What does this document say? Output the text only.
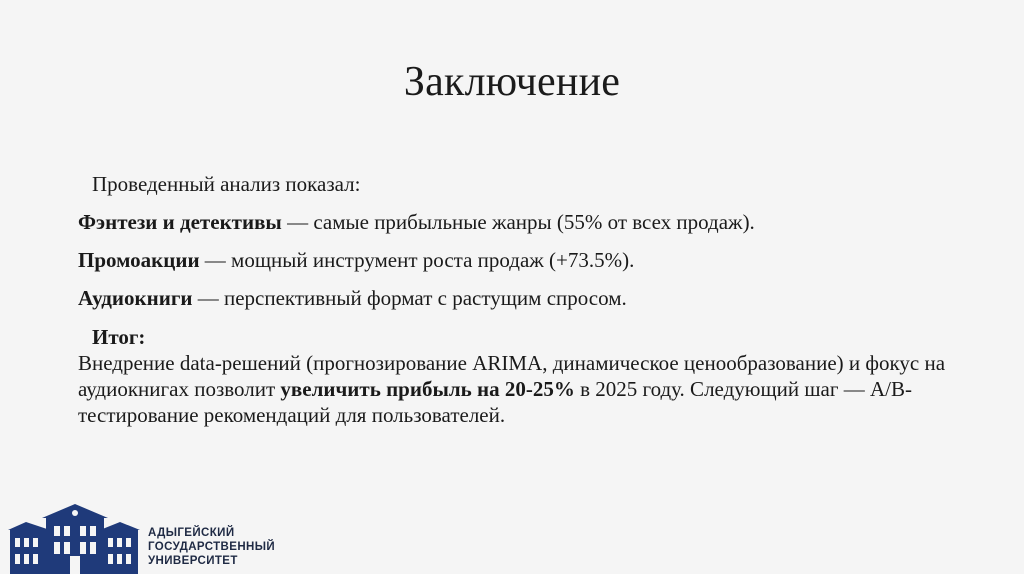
Заключение
Проведенный анализ показал:
Фэнтези и детективы — самые прибыльные жанры (55% от всех продаж).
Промоакции — мощный инструмент роста продаж (+73.5%).
Аудиокниги — перспективный формат с растущим спросом.
Итог:
Внедрение data-решений (прогнозирование ARIMA, динамическое ценообразование) и фокус на аудиокнигах позволит увеличить прибыль на 20-25% в 2025 году. Следующий шаг — A/B-тестирование рекомендаций для пользователей.
АДЫГЕЙСКИЙ
ГОСУДАРСТВЕННЫЙ
УНИВЕРСИТЕТ
